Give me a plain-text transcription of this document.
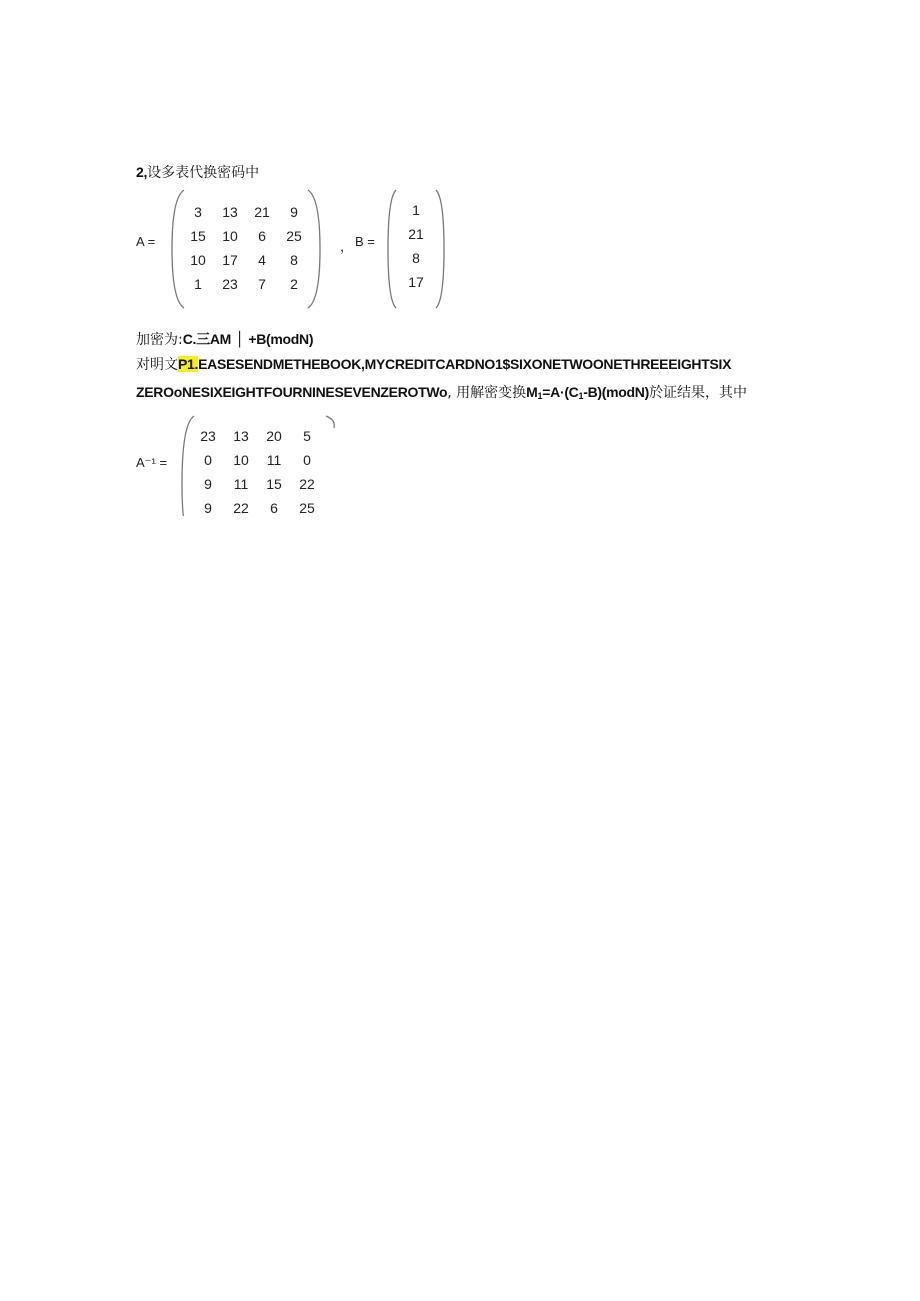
2,设多表代换密码中
A =
3	13	21	9
15	10	6	25
10	17	4	8
1	23	7	2
， B =
1
21
8
17
加密为:C.三AM │ +B(modN)
对明文P1.EASESENDMETHEBOOK,MYCREDITCARDNO1$SIXONETWOONETHREEEIGHTSIX
ZEROoNESIXEIGHTFOURNINESEVENZEROTWo, 用解密变换$M_1=A\cdot(C_1-B)(modN)$於证结果，其中
A⁻¹ =
23	13	20	5
0	10	11	0
9	11	15	22
9	22	6	25
